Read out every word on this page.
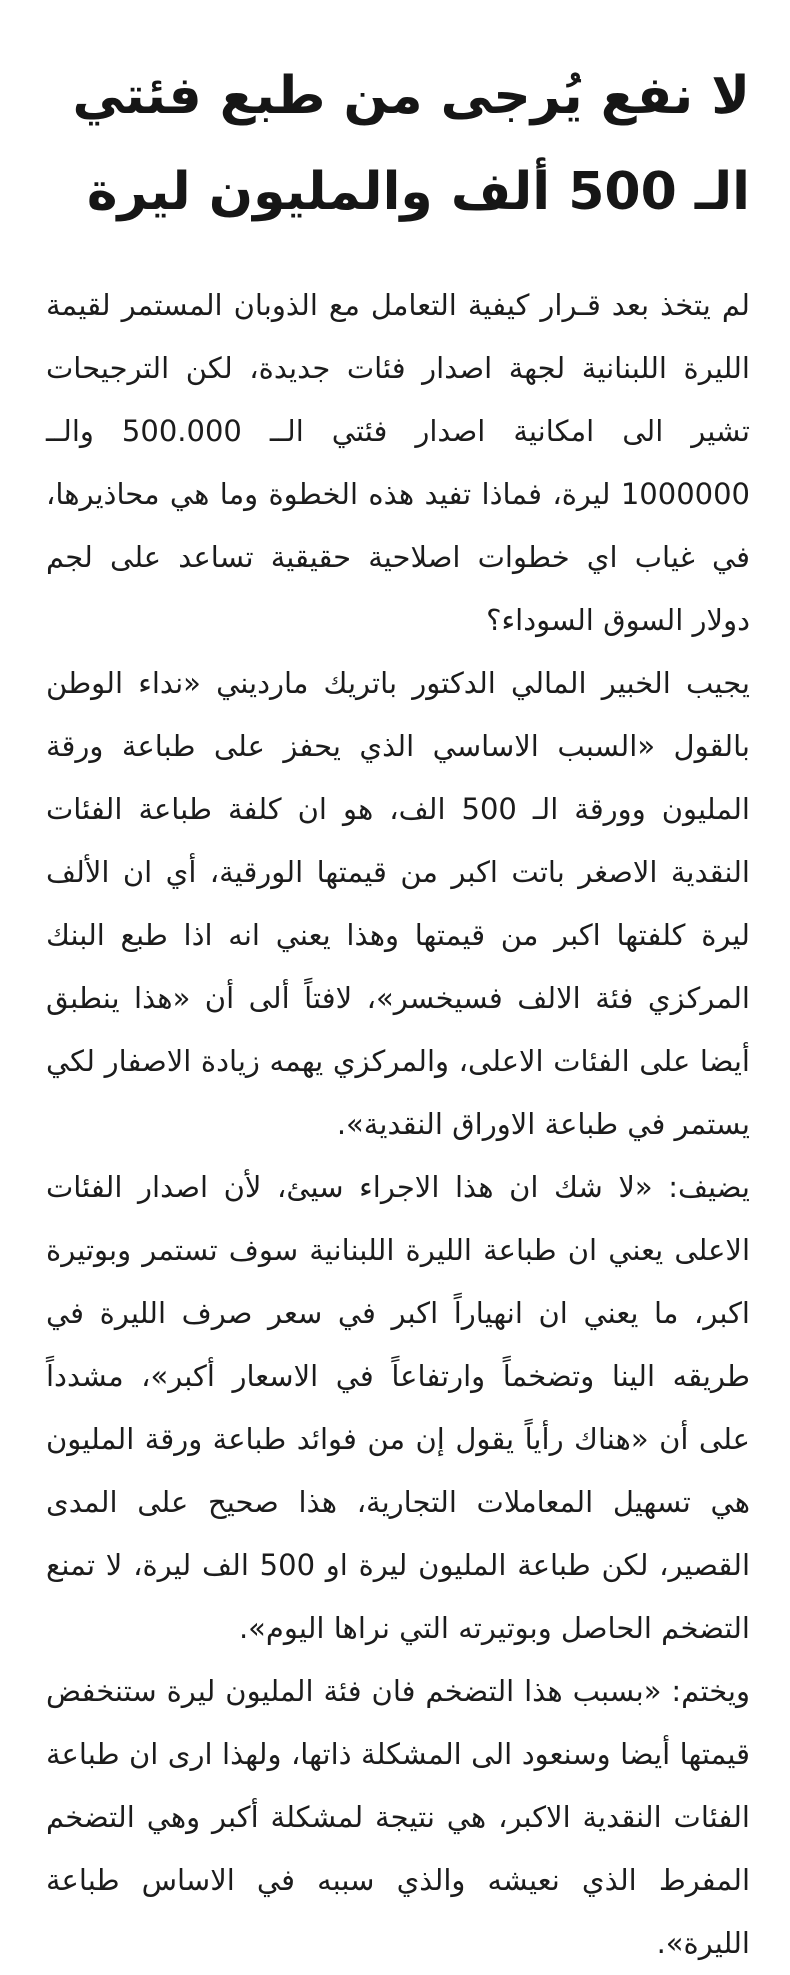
لا نفع يُرجى من طبع فئتي
الـ 500 ألف والمليون ليرة

لم يتخذ بعد قـرار كيفية التعامل مع الذوبان المستمر لقيمة الليرة اللبنانية لجهة اصدار فئات جديدة، لكن الترجيحات تشير الى امكانية اصدار فئتي الــ 500.000 والــ 1000000 ليرة، فماذا تفيد هذه الخطوة وما هي محاذيرها، في غياب اي خطوات اصلاحية حقيقية تساعد على لجم دولار السوق السوداء؟

يجيب الخبير المالي الدكتور باتريك مارديني «نداء الوطن بالقول «السبب الاساسي الذي يحفز على طباعة ورقة المليون وورقة الـ 500 الف، هو ان كلفة طباعة الفئات النقدية الاصغر باتت اكبر من قيمتها الورقية، أي ان الألف ليرة كلفتها اكبر من قيمتها وهذا يعني انه اذا طبع البنك المركزي فئة الالف فسيخسر»، لافتاً ألى أن «هذا ينطبق أيضا على الفئات الاعلى، والمركزي يهمه زيادة الاصفار لكي يستمر في طباعة الاوراق النقدية».

يضيف: «لا شك ان هذا الاجراء سيئ، لأن اصدار الفئات الاعلى يعني ان طباعة الليرة اللبنانية سوف تستمر وبوتيرة اكبر، ما يعني ان انهياراً اكبر في سعر صرف الليرة في طريقه الينا وتضخماً وارتفاعاً في الاسعار أكبر»، مشدداً على أن «هناك رأياً يقول إن من فوائد طباعة ورقة المليون هي تسهيل المعاملات التجارية، هذا صحيح على المدى القصير، لكن طباعة المليون ليرة او 500 الف ليرة، لا تمنع التضخم الحاصل وبوتيرته التي نراها اليوم».

ويختم: «بسبب هذا التضخم فان فئة المليون ليرة ستنخفض قيمتها أيضا وسنعود الى المشكلة ذاتها، ولهذا ارى ان طباعة الفئات النقدية الاكبر، هي نتيجة لمشكلة أكبر وهي التضخم المفرط الذي نعيشه والذي سببه في الاساس طباعة الليرة».
